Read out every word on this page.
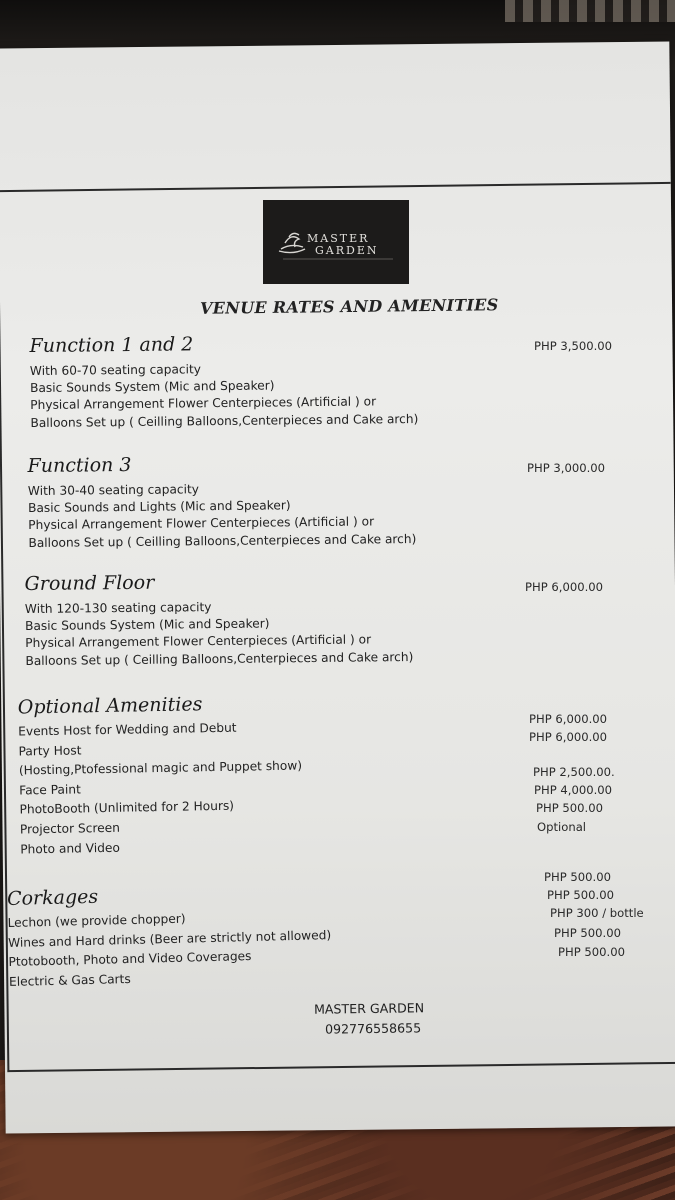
MASTER
GARDEN
VENUE RATES AND AMENITIES
Function 1 and 2
With 60-70 seating capacity
Basic Sounds System (Mic and Speaker)
Physical Arrangement Flower Centerpieces (Artificial ) or
Balloons Set up ( Ceilling Balloons,Centerpieces and Cake arch)
PHP 3,500.00
Function 3
With 30-40 seating capacity
Basic Sounds and Lights (Mic and Speaker)
Physical Arrangement Flower Centerpieces (Artificial ) or
Balloons Set up ( Ceilling Balloons,Centerpieces and Cake arch)
PHP 3,000.00
Ground Floor
With 120-130 seating capacity
Basic Sounds System (Mic and Speaker)
Physical Arrangement Flower Centerpieces (Artificial ) or
Balloons Set up ( Ceilling Balloons,Centerpieces and Cake arch)
PHP 6,000.00
Optional Amenities
Events Host for Wedding and Debut
Party Host
(Hosting,Ptofessional magic and Puppet show)
Face Paint
PhotoBooth (Unlimited for 2 Hours)
Projector Screen
Photo and Video
PHP 6,000.00
PHP 6,000.00
PHP 2,500.00.
PHP 4,000.00
PHP 500.00
Optional
Corkages
Lechon (we provide chopper)
Wines and Hard drinks (Beer are strictly not allowed)
Ptotobooth, Photo and Video Coverages
Electric & Gas Carts
PHP 500.00
PHP 500.00
PHP 300 / bottle
PHP 500.00
PHP 500.00
MASTER GARDEN
092776558655
